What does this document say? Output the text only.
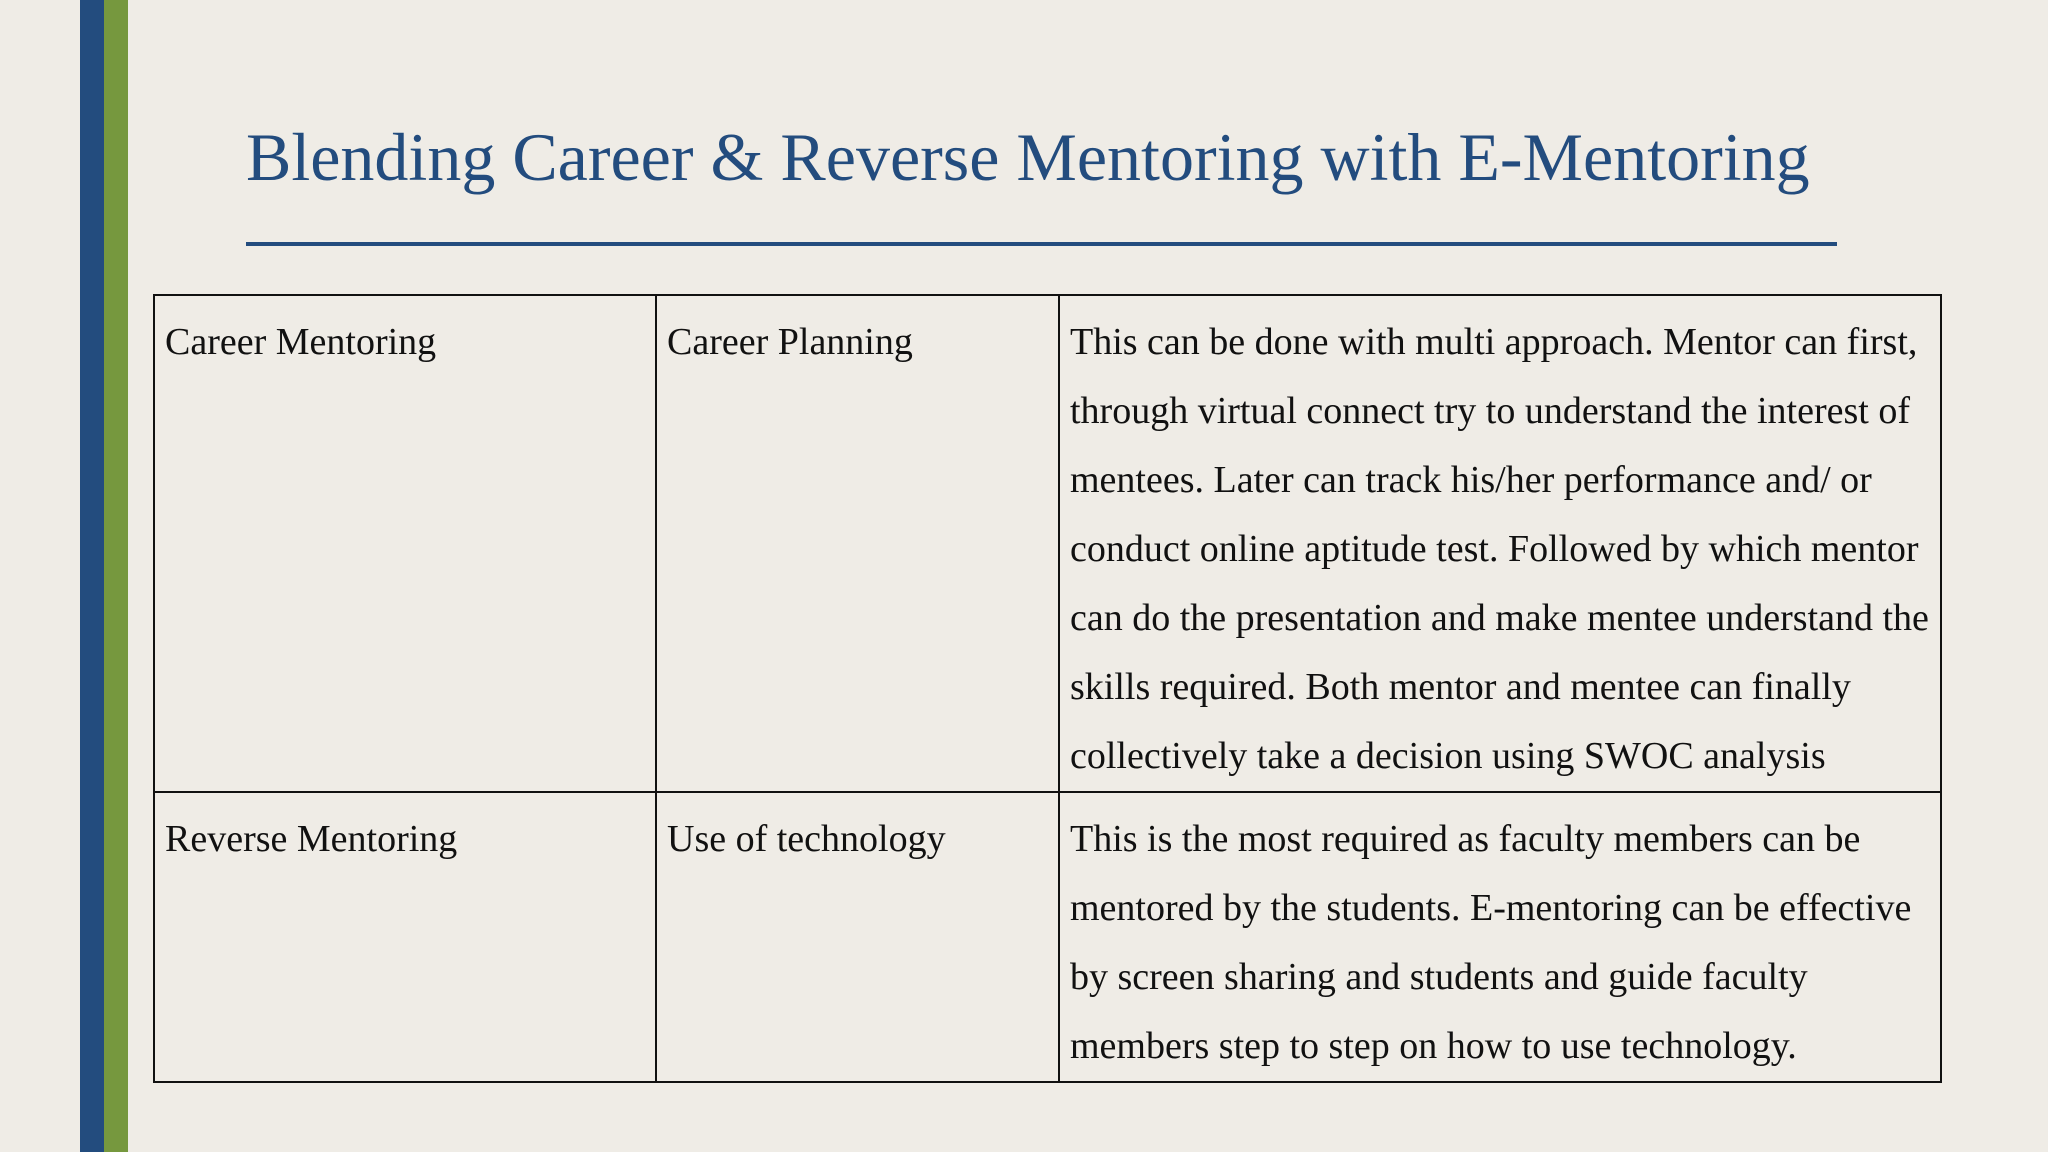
Blending Career & Reverse Mentoring with E-Mentoring
Career Mentoring	Career Planning	This can be done with multi approach. Mentor can first, through virtual connect try to understand the interest of mentees. Later can track his/her performance and/ or conduct online aptitude test. Followed by which mentor can do the presentation and make mentee understand the skills required. Both mentor and mentee can finally collectively take a decision using SWOC analysis
Reverse Mentoring	Use of technology	This is the most required as faculty members can be mentored by the students. E-mentoring can be effective by screen sharing and students and guide faculty members step to step on how to use technology.
